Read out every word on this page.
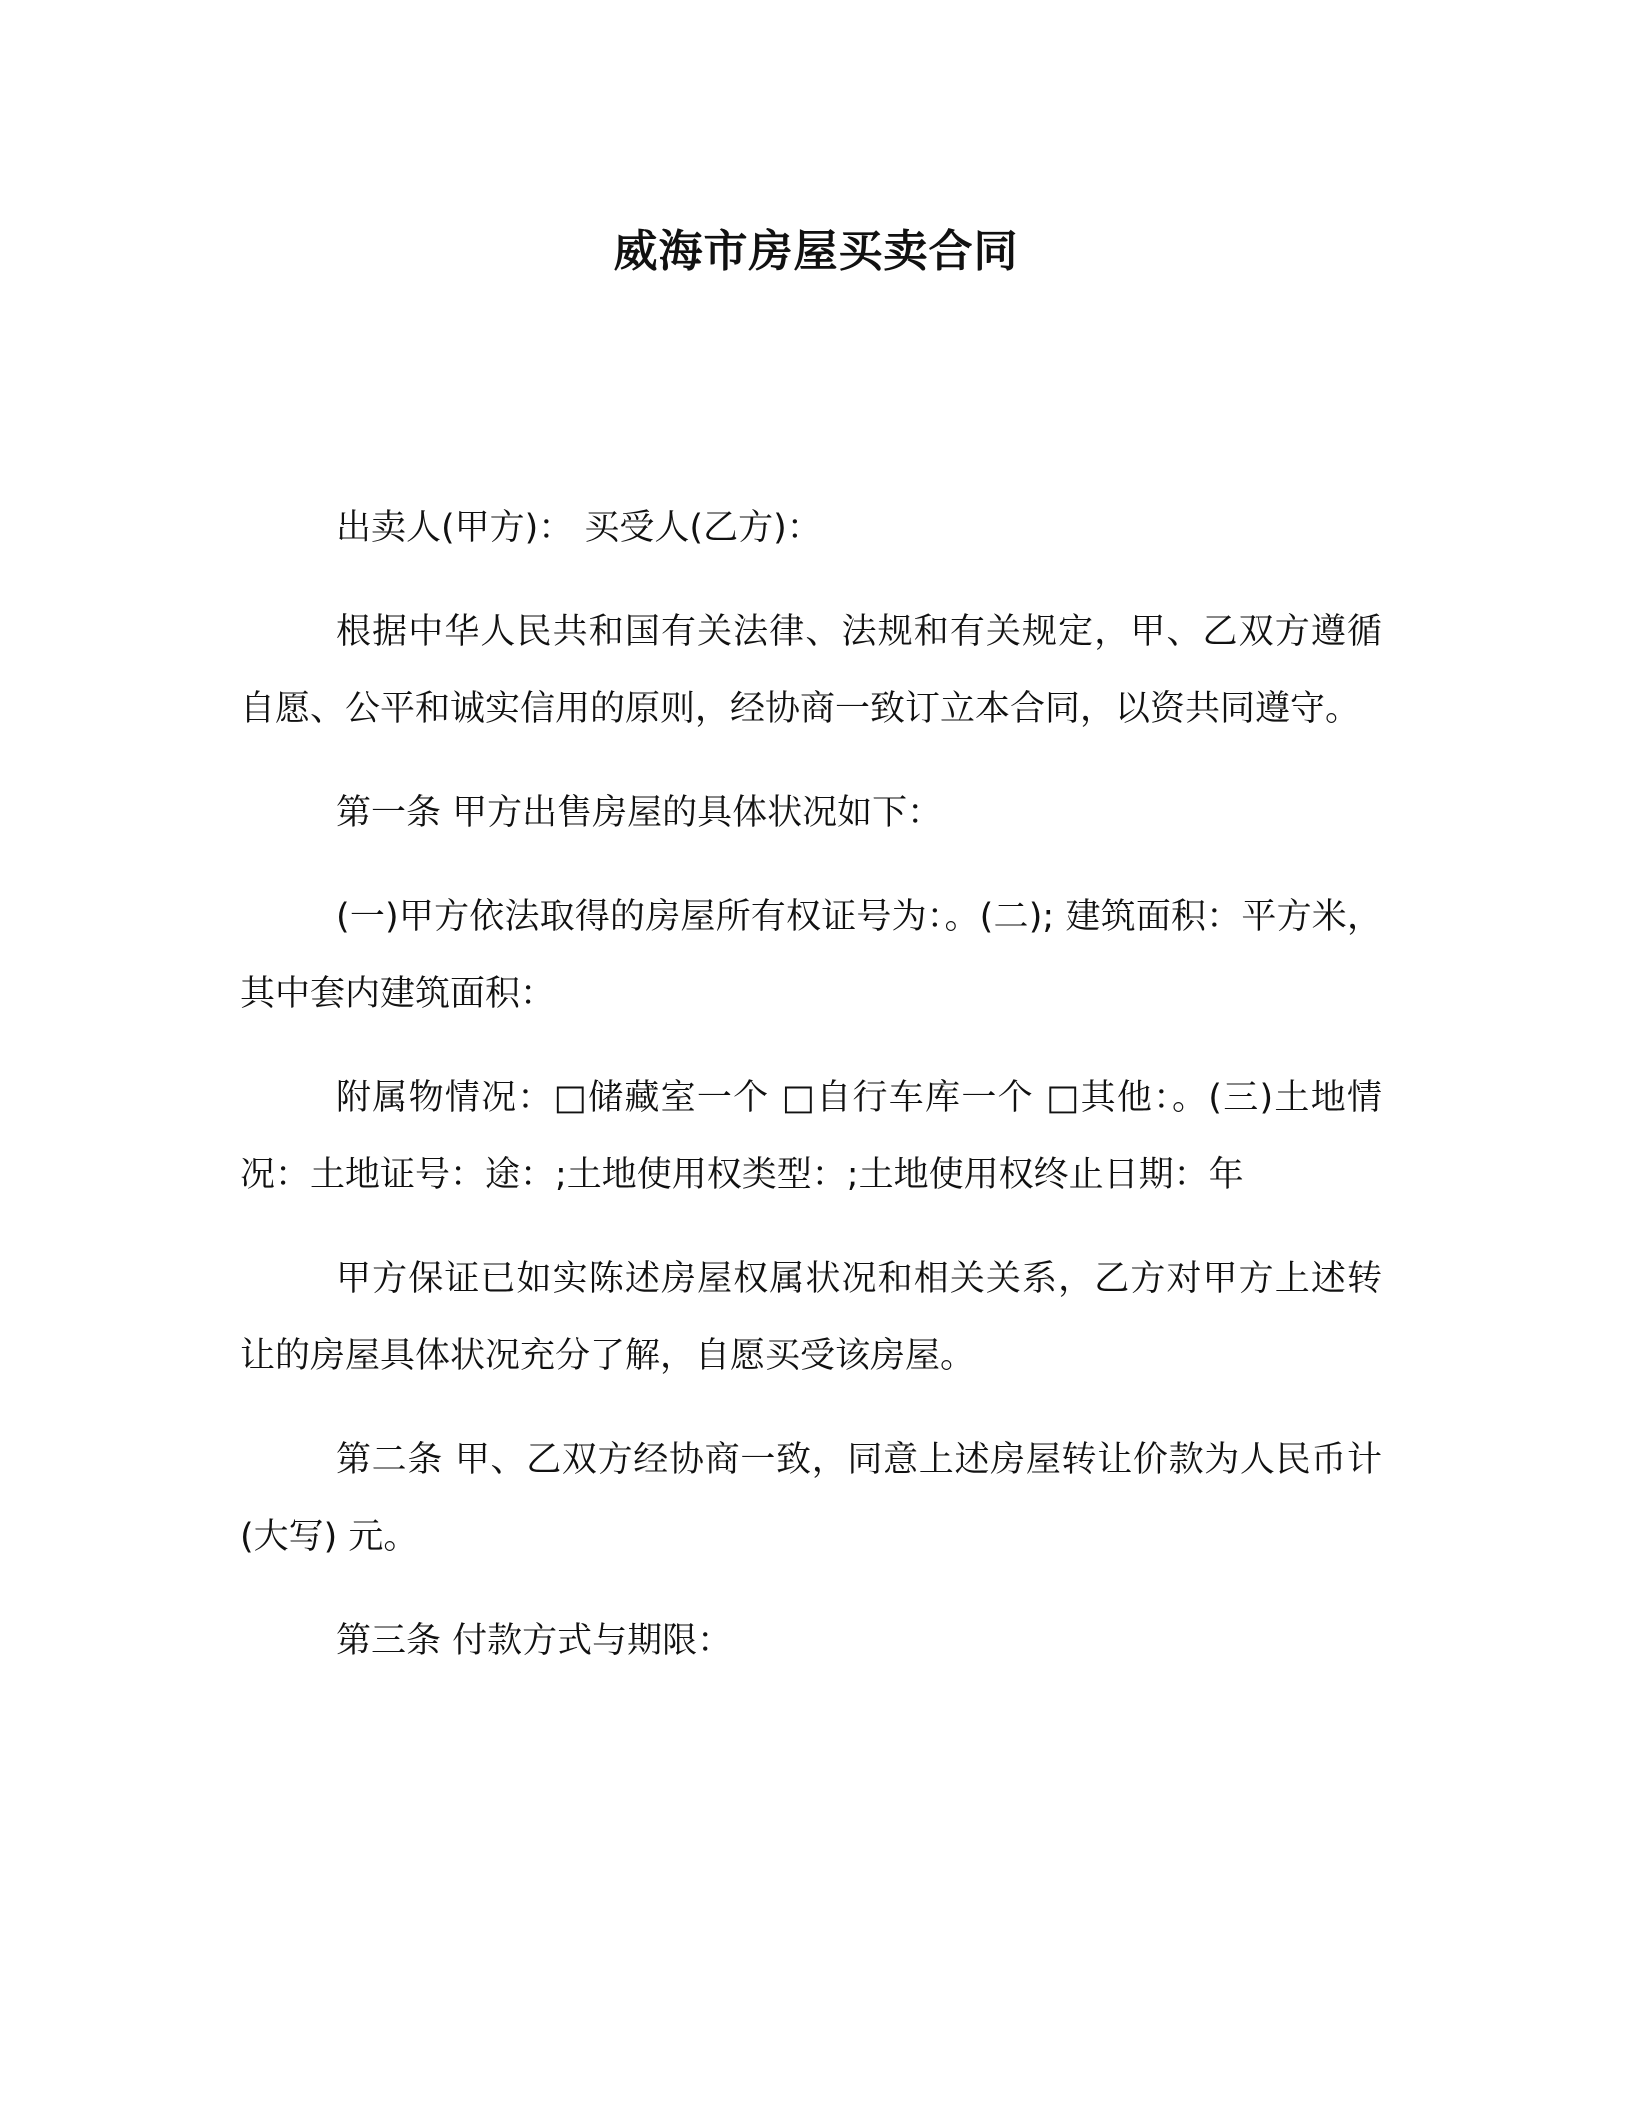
威海市房屋买卖合同

出卖人(甲方)： 买受人(乙方)：

根据中华人民共和国有关法律、法规和有关规定，甲、乙双方遵循自愿、公平和诚实信用的原则，经协商一致订立本合同，以资共同遵守。

第一条 甲方出售房屋的具体状况如下：

(一)甲方依法取得的房屋所有权证号为：。(二); 建筑面积：平方米，其中套内建筑面积：

附属物情况：□储藏室一个 □自行车库一个 □其他：。(三)土地情况：土地证号：途：;土地使用权类型：;土地使用权终止日期：年

甲方保证已如实陈述房屋权属状况和相关关系，乙方对甲方上述转让的房屋具体状况充分了解，自愿买受该房屋。

第二条 甲、乙双方经协商一致，同意上述房屋转让价款为人民币计(大写) 元。

第三条 付款方式与期限：
